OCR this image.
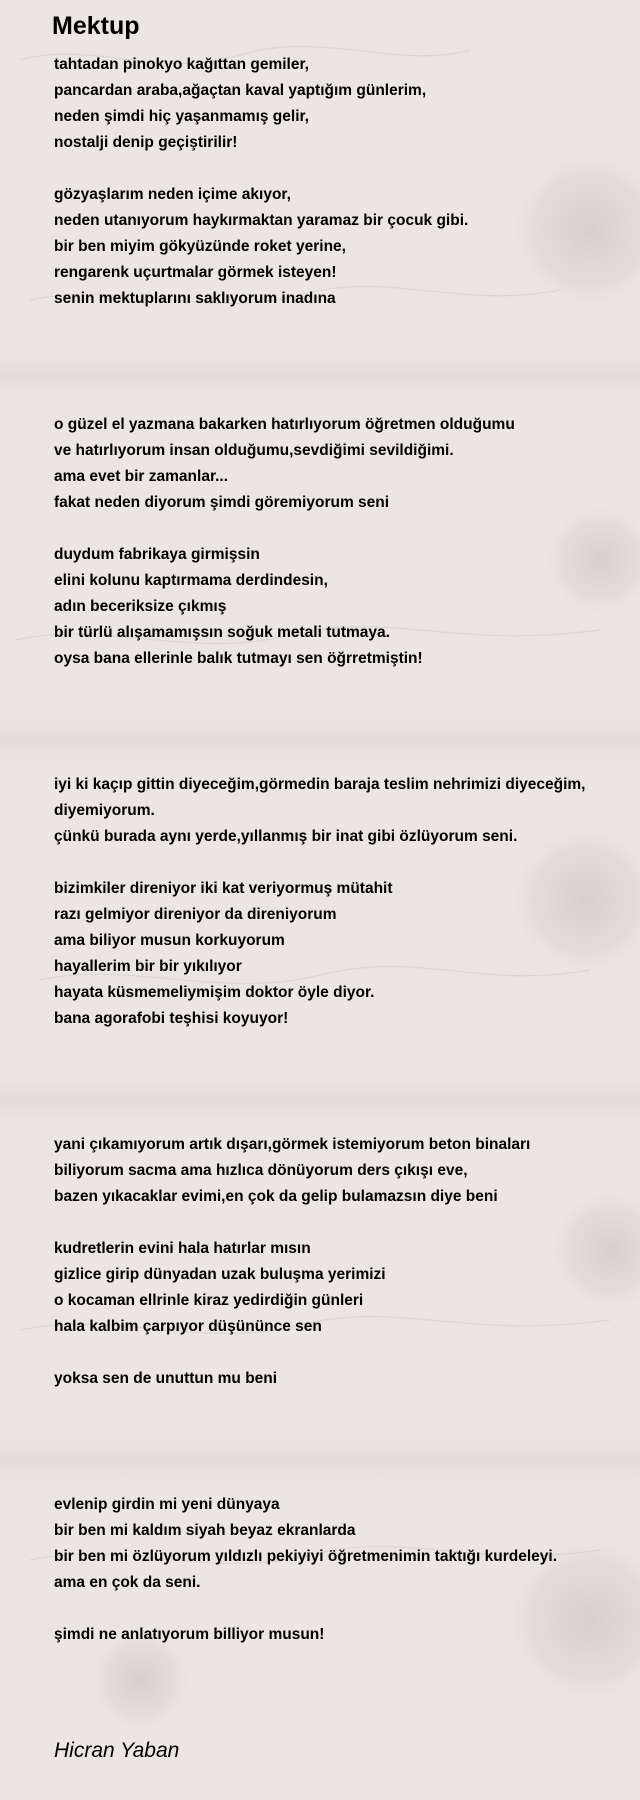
Mektup
tahtadan pinokyo kağıttan gemiler,
pancardan araba,ağaçtan kaval yaptığım günlerim,
neden şimdi hiç yaşanmamış gelir,
nostalji denip geçiştirilir!
gözyaşlarım neden içime akıyor,
neden utanıyorum haykırmaktan yaramaz bir çocuk gibi.
bir ben miyim gökyüzünde roket yerine,
rengarenk uçurtmalar görmek isteyen!
senin mektuplarını saklıyorum inadına
o güzel el yazmana bakarken hatırlıyorum öğretmen olduğumu
ve hatırlıyorum insan olduğumu,sevdiğimi sevildiğimi.
ama evet bir zamanlar...
fakat neden diyorum şimdi göremiyorum seni
duydum fabrikaya girmişsin
elini kolunu kaptırmama derdindesin,
adın beceriksize çıkmış
bir türlü alışamamışsın soğuk metali tutmaya.
oysa bana ellerinle balık tutmayı sen öğrretmiştin!
iyi ki kaçıp gittin diyeceğim,görmedin baraja teslim nehrimizi diyeceğim,
diyemiyorum.
çünkü burada aynı yerde,yıllanmış bir inat gibi özlüyorum seni.
bizimkiler direniyor iki kat veriyormuş mütahit
razı gelmiyor direniyor da direniyorum
ama biliyor musun korkuyorum
hayallerim bir bir yıkılıyor
hayata küsmemeliymişim doktor öyle diyor.
bana agorafobi teşhisi koyuyor!
yani çıkamıyorum artık dışarı,görmek istemiyorum beton binaları
biliyorum sacma ama hızlıca dönüyorum ders çıkışı eve,
bazen yıkacaklar evimi,en çok da gelip bulamazsın diye beni
kudretlerin evini hala hatırlar mısın
gizlice girip dünyadan uzak buluşma yerimizi
o kocaman ellrinle kiraz yedirdiğin günleri
hala kalbim çarpıyor düşününce sen
yoksa sen de unuttun mu beni
evlenip girdin mi yeni dünyaya
bir ben mi kaldım siyah beyaz ekranlarda
bir ben mi özlüyorum yıldızlı pekiyiyi öğretmenimin taktığı kurdeleyi.
ama en çok da seni.
şimdi ne anlatıyorum billiyor musun!
Hicran Yaban
